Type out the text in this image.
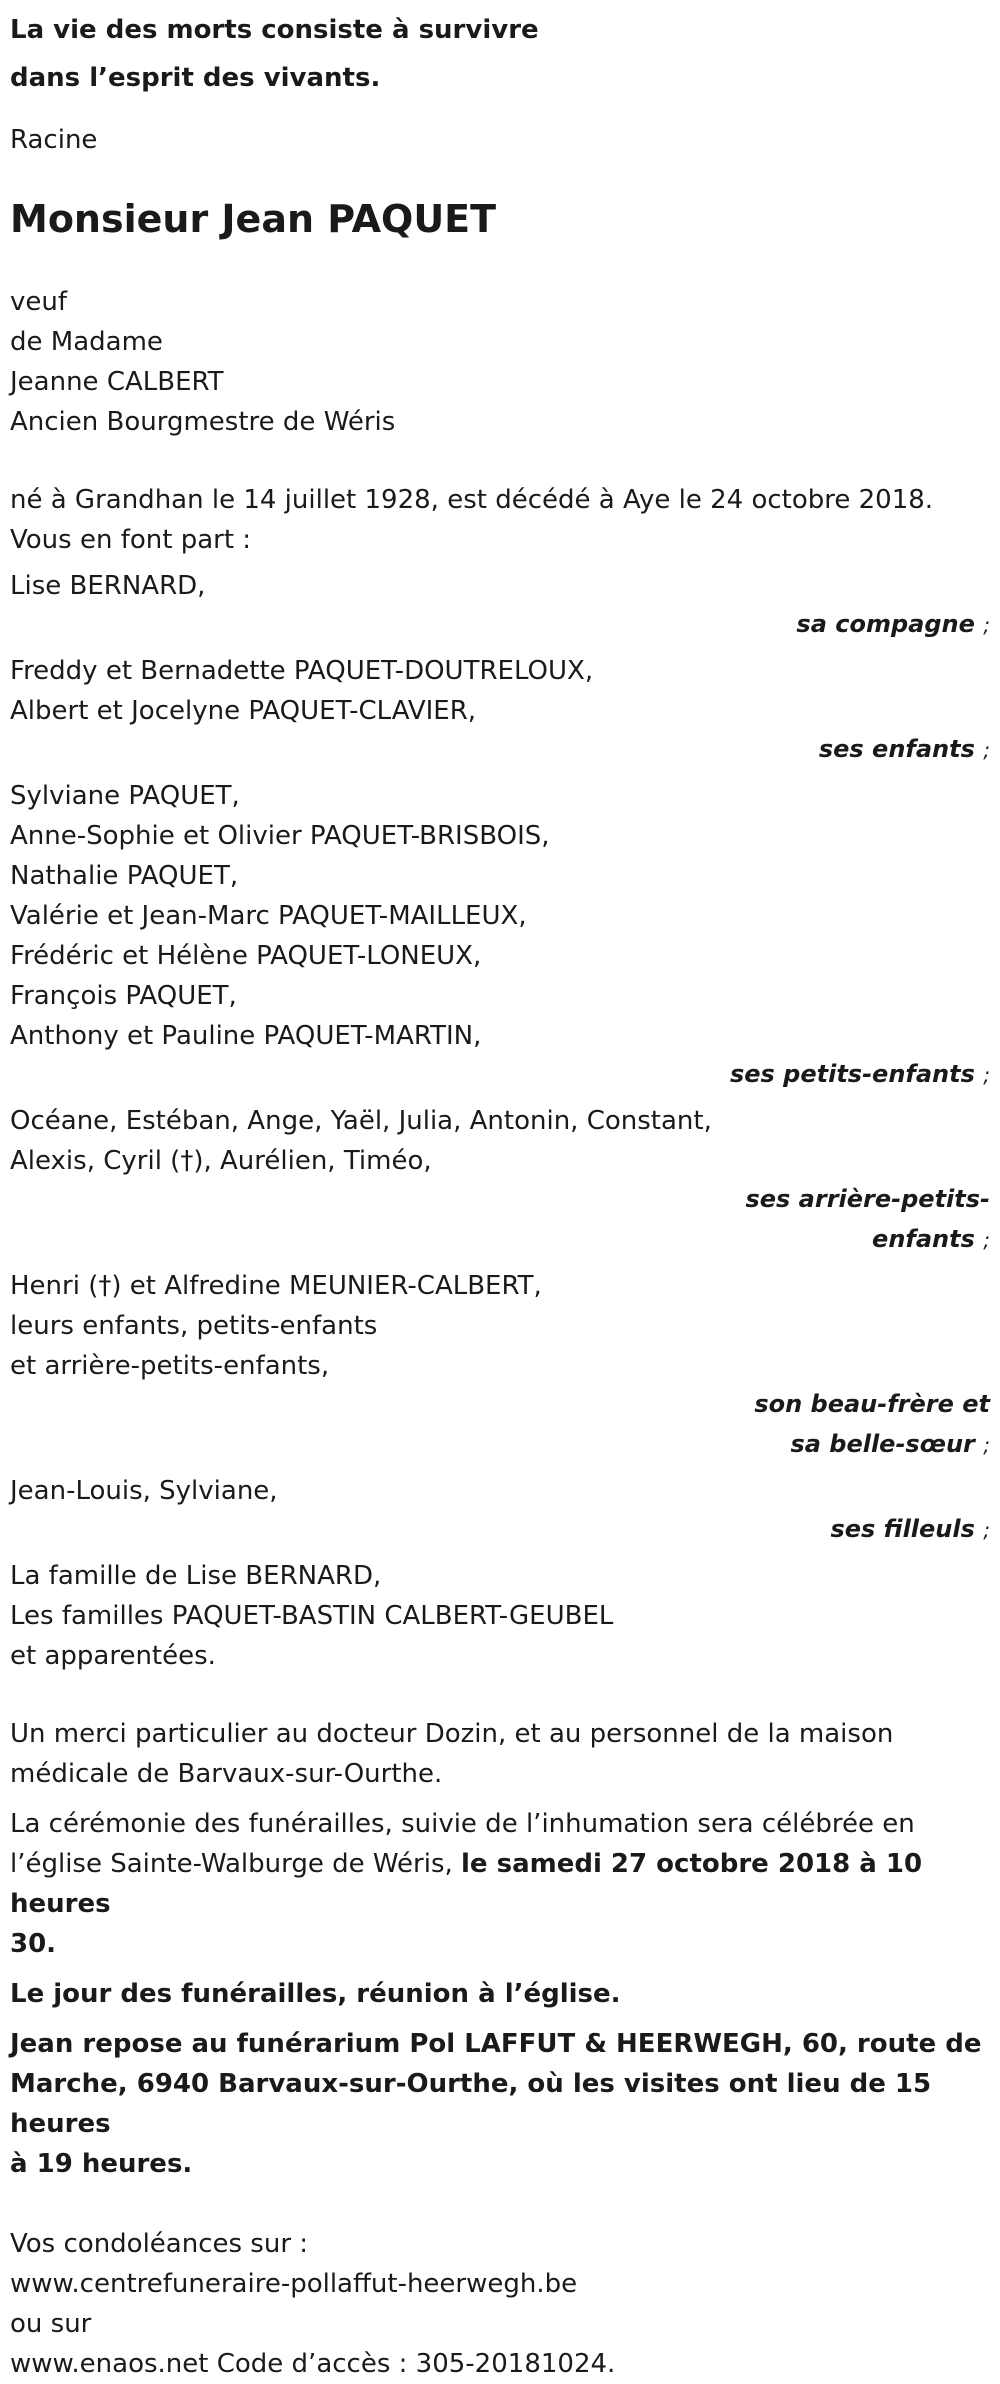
La vie des morts consiste à survivre
dans l’esprit des vivants.
Racine
Monsieur Jean PAQUET
veuf
de Madame
Jeanne CALBERT
Ancien Bourgmestre de Wéris
né à Grandhan le 14 juillet 1928, est décédé à Aye le 24 octobre 2018.
Vous en font part :
Lise BERNARD,
sa compagne ;
Freddy et Bernadette PAQUET-DOUTRELOUX,
Albert et Jocelyne PAQUET-CLAVIER,
ses enfants ;
Sylviane PAQUET,
Anne-Sophie et Olivier PAQUET-BRISBOIS,
Nathalie PAQUET,
Valérie et Jean-Marc PAQUET-MAILLEUX,
Frédéric et Hélène PAQUET-LONEUX,
François PAQUET,
Anthony et Pauline PAQUET-MARTIN,
ses petits-enfants ;
Océane, Estéban, Ange, Yaël, Julia, Antonin, Constant,
Alexis, Cyril (†), Aurélien, Timéo,
ses arrière-petits-
enfants ;
Henri (†) et Alfredine MEUNIER-CALBERT,
leurs enfants, petits-enfants
et arrière-petits-enfants,
son beau-frère et
sa belle-sœur ;
Jean-Louis, Sylviane,
ses filleuls ;
La famille de Lise BERNARD,
Les familles PAQUET-BASTIN CALBERT-GEUBEL
et apparentées.
Un merci particulier au docteur Dozin, et au personnel de la maison
médicale de Barvaux-sur-Ourthe.
La cérémonie des funérailles, suivie de l’inhumation sera célébrée en
l’église Sainte-Walburge de Wéris, le samedi 27 octobre 2018 à 10 heures
30.
Le jour des funérailles, réunion à l’église.
Jean repose au funérarium Pol LAFFUT & HEERWEGH, 60, route de
Marche, 6940 Barvaux-sur-Ourthe, où les visites ont lieu de 15 heures
à 19 heures.
Vos condoléances sur :
www.centrefuneraire-pollaffut-heerwegh.be
ou sur
www.enaos.net Code d’accès : 305-20181024.
